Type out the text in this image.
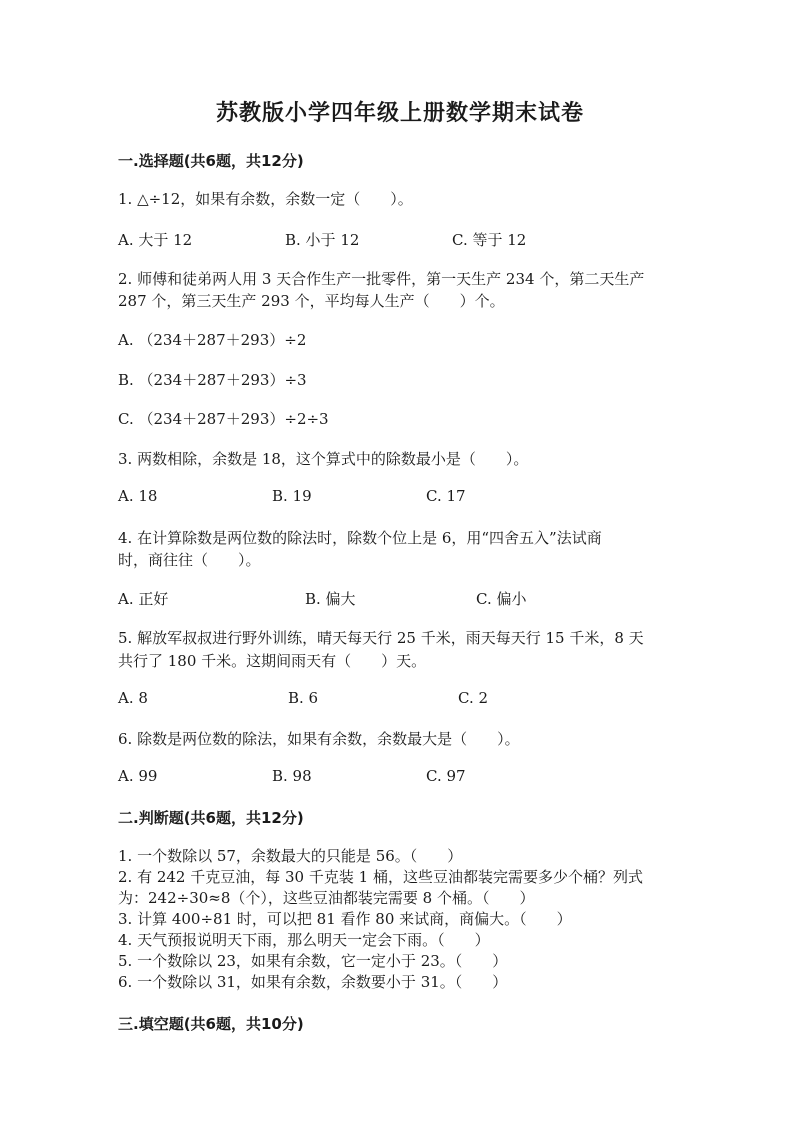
苏教版小学四年级上册数学期末试卷
一.选择题(共6题，共12分)
1. △÷12，如果有余数，余数一定（　　）。
A. 大于 12	B. 小于 12	C. 等于 12
2. 师傅和徒弟两人用 3 天合作生产一批零件，第一天生产 234 个，第二天生产
287 个，第三天生产 293 个，平均每人生产（　　）个。
A. （234＋287＋293）÷2
B. （234＋287＋293）÷3
C. （234＋287＋293）÷2÷3
3. 两数相除，余数是 18，这个算式中的除数最小是（　　）。
A. 18	B. 19	C. 17
4. 在计算除数是两位数的除法时，除数个位上是 6，用“四舍五入”法试商
时，商往往（　　）。
A. 正好	B. 偏大	C. 偏小
5. 解放军叔叔进行野外训练，晴天每天行 25 千米，雨天每天行 15 千米，8 天
共行了 180 千米。这期间雨天有（　　）天。
A. 8	B. 6	C. 2
6. 除数是两位数的除法，如果有余数，余数最大是（　　）。
A. 99	B. 98	C. 97
二.判断题(共6题，共12分)
1. 一个数除以 57，余数最大的只能是 56。（　　）
2. 有 242 千克豆油，每 30 千克装 1 桶，这些豆油都装完需要多少个桶？列式
为：242÷30≈8（个），这些豆油都装完需要 8 个桶。（　　）
3. 计算 400÷81 时，可以把 81 看作 80 来试商，商偏大。（　　）
4. 天气预报说明天下雨，那么明天一定会下雨。（　　）
5. 一个数除以 23，如果有余数，它一定小于 23。（　　）
6. 一个数除以 31，如果有余数，余数要小于 31。（　　）
三.填空题(共6题，共10分)
